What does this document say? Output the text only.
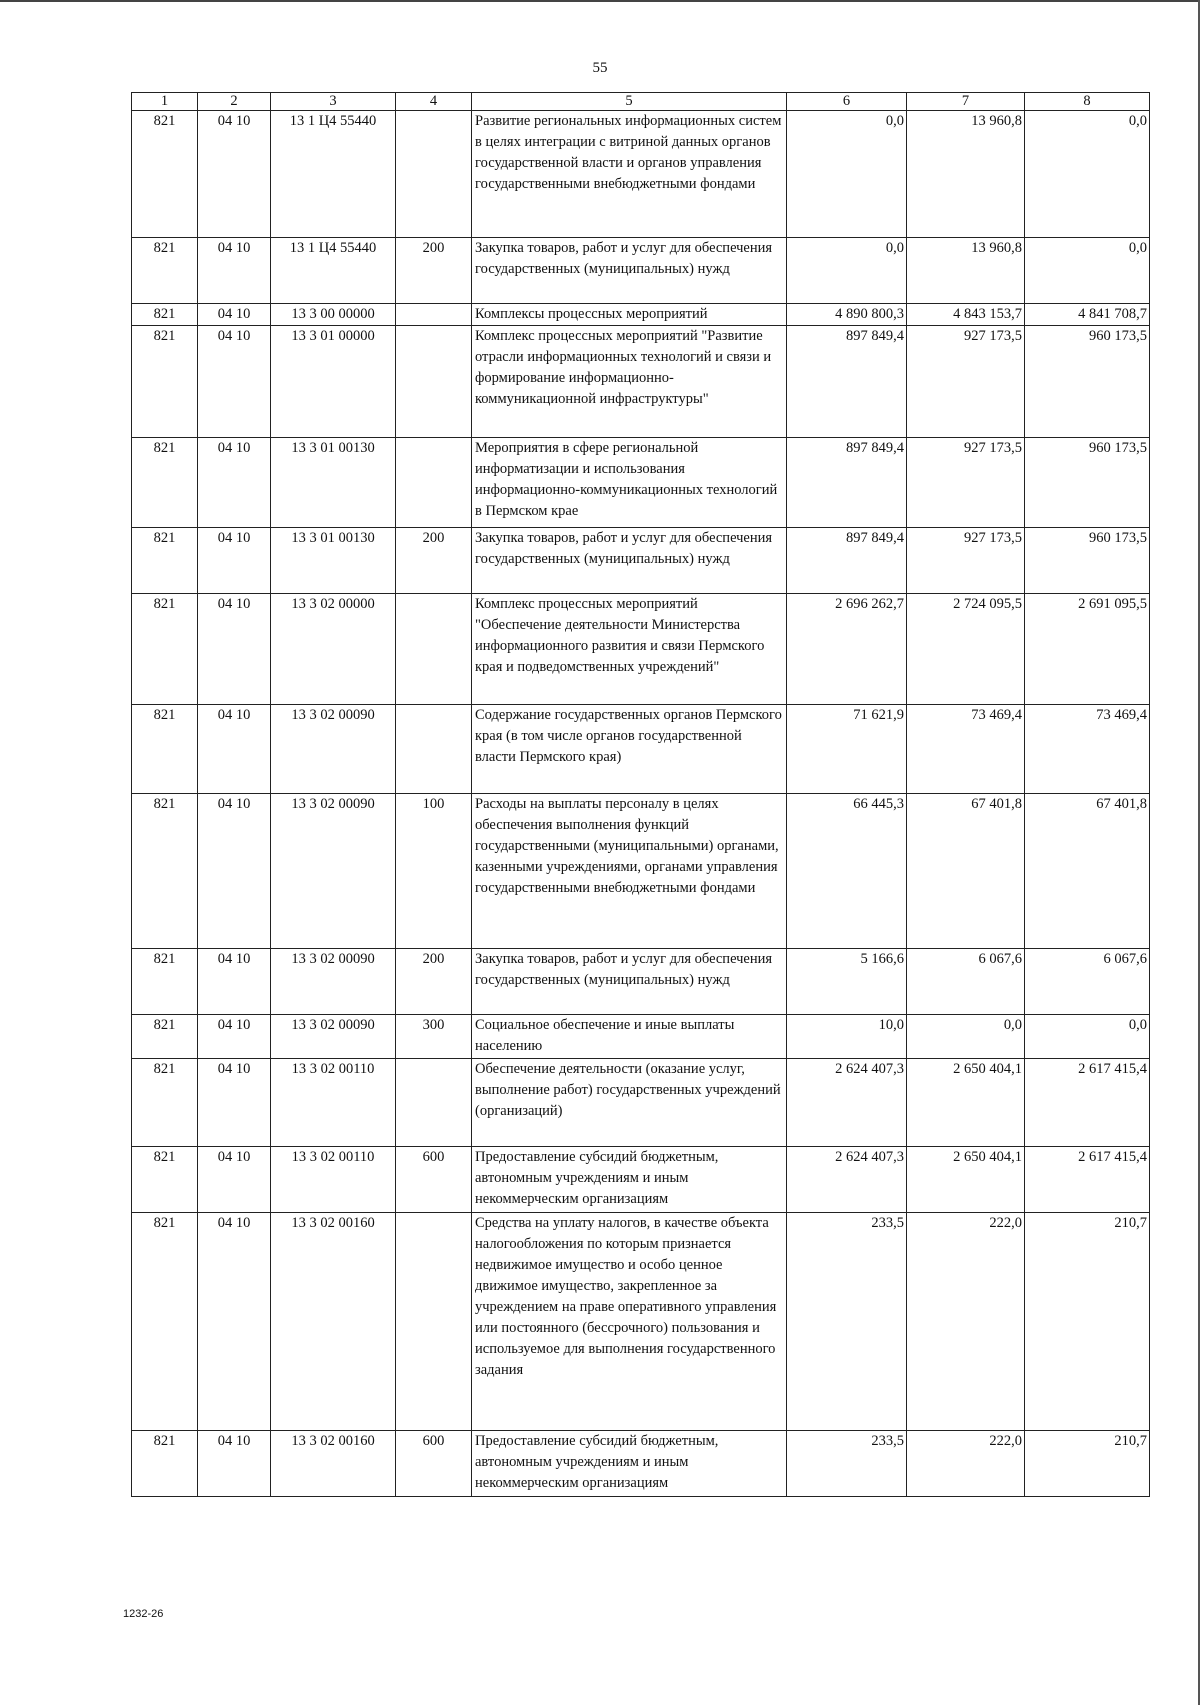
55
1	2	3	4	5	6	7	8
821	04 10	13 1 Ц4 55440		Развитие региональных информационных систем в целях интеграции с витриной данных органов государственной власти и органов управления государственными внебюджетными фондами	0,0	13 960,8	0,0
821	04 10	13 1 Ц4 55440	200	Закупка товаров, работ и услуг для обеспечения государственных (муниципальных) нужд	0,0	13 960,8	0,0
821	04 10	13 3 00 00000		Комплексы процессных мероприятий	4 890 800,3	4 843 153,7	4 841 708,7
821	04 10	13 3 01 00000		Комплекс процессных мероприятий "Развитие отрасли информационных технологий и связи и формирование информационно-коммуникационной инфраструктуры"	897 849,4	927 173,5	960 173,5
821	04 10	13 3 01 00130		Мероприятия в сфере региональной информатизации и использования информационно-коммуникационных технологий в Пермском крае	897 849,4	927 173,5	960 173,5
821	04 10	13 3 01 00130	200	Закупка товаров, работ и услуг для обеспечения государственных (муниципальных) нужд	897 849,4	927 173,5	960 173,5
821	04 10	13 3 02 00000		Комплекс процессных мероприятий "Обеспечение деятельности Министерства информационного развития и связи Пермского края и подведомственных учреждений"	2 696 262,7	2 724 095,5	2 691 095,5
821	04 10	13 3 02 00090		Содержание государственных органов Пермского края (в том числе органов государственной власти Пермского края)	71 621,9	73 469,4	73 469,4
821	04 10	13 3 02 00090	100	Расходы на выплаты персоналу в целях обеспечения выполнения функций государственными (муниципальными) органами, казенными учреждениями, органами управления государственными внебюджетными фондами	66 445,3	67 401,8	67 401,8
821	04 10	13 3 02 00090	200	Закупка товаров, работ и услуг для обеспечения государственных (муниципальных) нужд	5 166,6	6 067,6	6 067,6
821	04 10	13 3 02 00090	300	Социальное обеспечение и иные выплаты населению	10,0	0,0	0,0
821	04 10	13 3 02 00110		Обеспечение деятельности (оказание услуг, выполнение работ) государственных учреждений (организаций)	2 624 407,3	2 650 404,1	2 617 415,4
821	04 10	13 3 02 00110	600	Предоставление субсидий бюджетным, автономным учреждениям и иным некоммерческим организациям	2 624 407,3	2 650 404,1	2 617 415,4
821	04 10	13 3 02 00160		Средства на уплату налогов, в качестве объекта налогообложения по которым признается недвижимое имущество и особо ценное движимое имущество, закрепленное за учреждением на праве оперативного управления или постоянного (бессрочного) пользования и используемое для выполнения государственного задания	233,5	222,0	210,7
821	04 10	13 3 02 00160	600	Предоставление субсидий бюджетным, автономным учреждениям и иным некоммерческим организациям	233,5	222,0	210,7
1232-26
